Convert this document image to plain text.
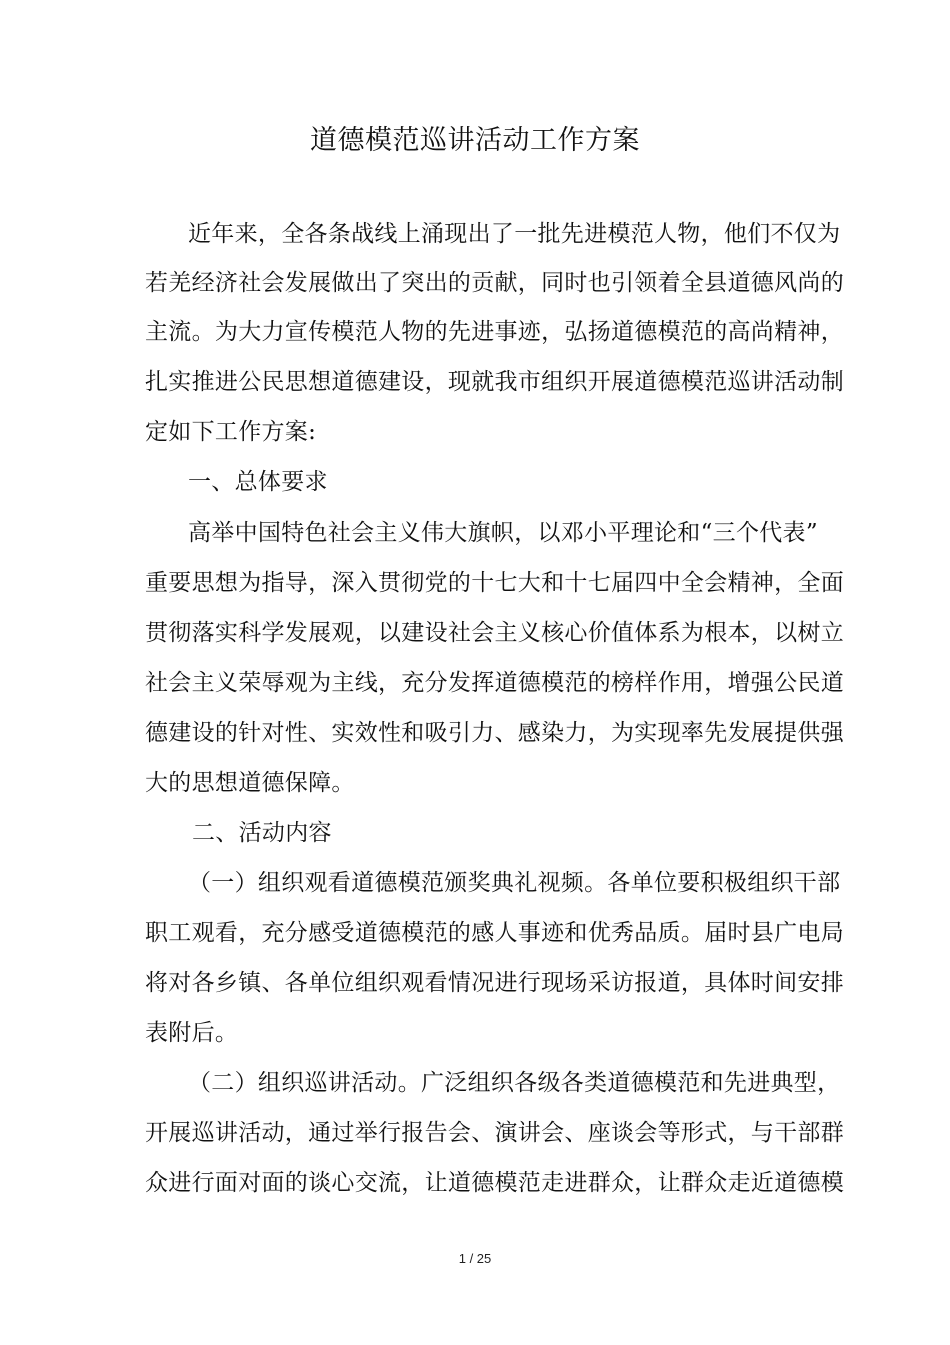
道德模范巡讲活动工作方案
近年来，全各条战线上涌现出了一批先进模范人物，他们不仅为
若羌经济社会发展做出了突出的贡献，同时也引领着全县道德风尚的
主流。为大力宣传模范人物的先进事迹，弘扬道德模范的高尚精神，
扎实推进公民思想道德建设，现就我市组织开展道德模范巡讲活动制
定如下工作方案:
一、总体要求
高举中国特色社会主义伟大旗帜，以邓小平理论和“三个代表”
重要思想为指导，深入贯彻党的十七大和十七届四中全会精神，全面
贯彻落实科学发展观，以建设社会主义核心价值体系为根本，以树立
社会主义荣辱观为主线，充分发挥道德模范的榜样作用，增强公民道
德建设的针对性、实效性和吸引力、感染力，为实现率先发展提供强
大的思想道德保障。
二、活动内容
（一）组织观看道德模范颁奖典礼视频。各单位要积极组织干部
职工观看，充分感受道德模范的感人事迹和优秀品质。届时县广电局
将对各乡镇、各单位组织观看情况进行现场采访报道，具体时间安排
表附后。
（二）组织巡讲活动。广泛组织各级各类道德模范和先进典型，
开展巡讲活动，通过举行报告会、演讲会、座谈会等形式，与干部群
众进行面对面的谈心交流，让道德模范走进群众，让群众走近道德模
1 / 25
